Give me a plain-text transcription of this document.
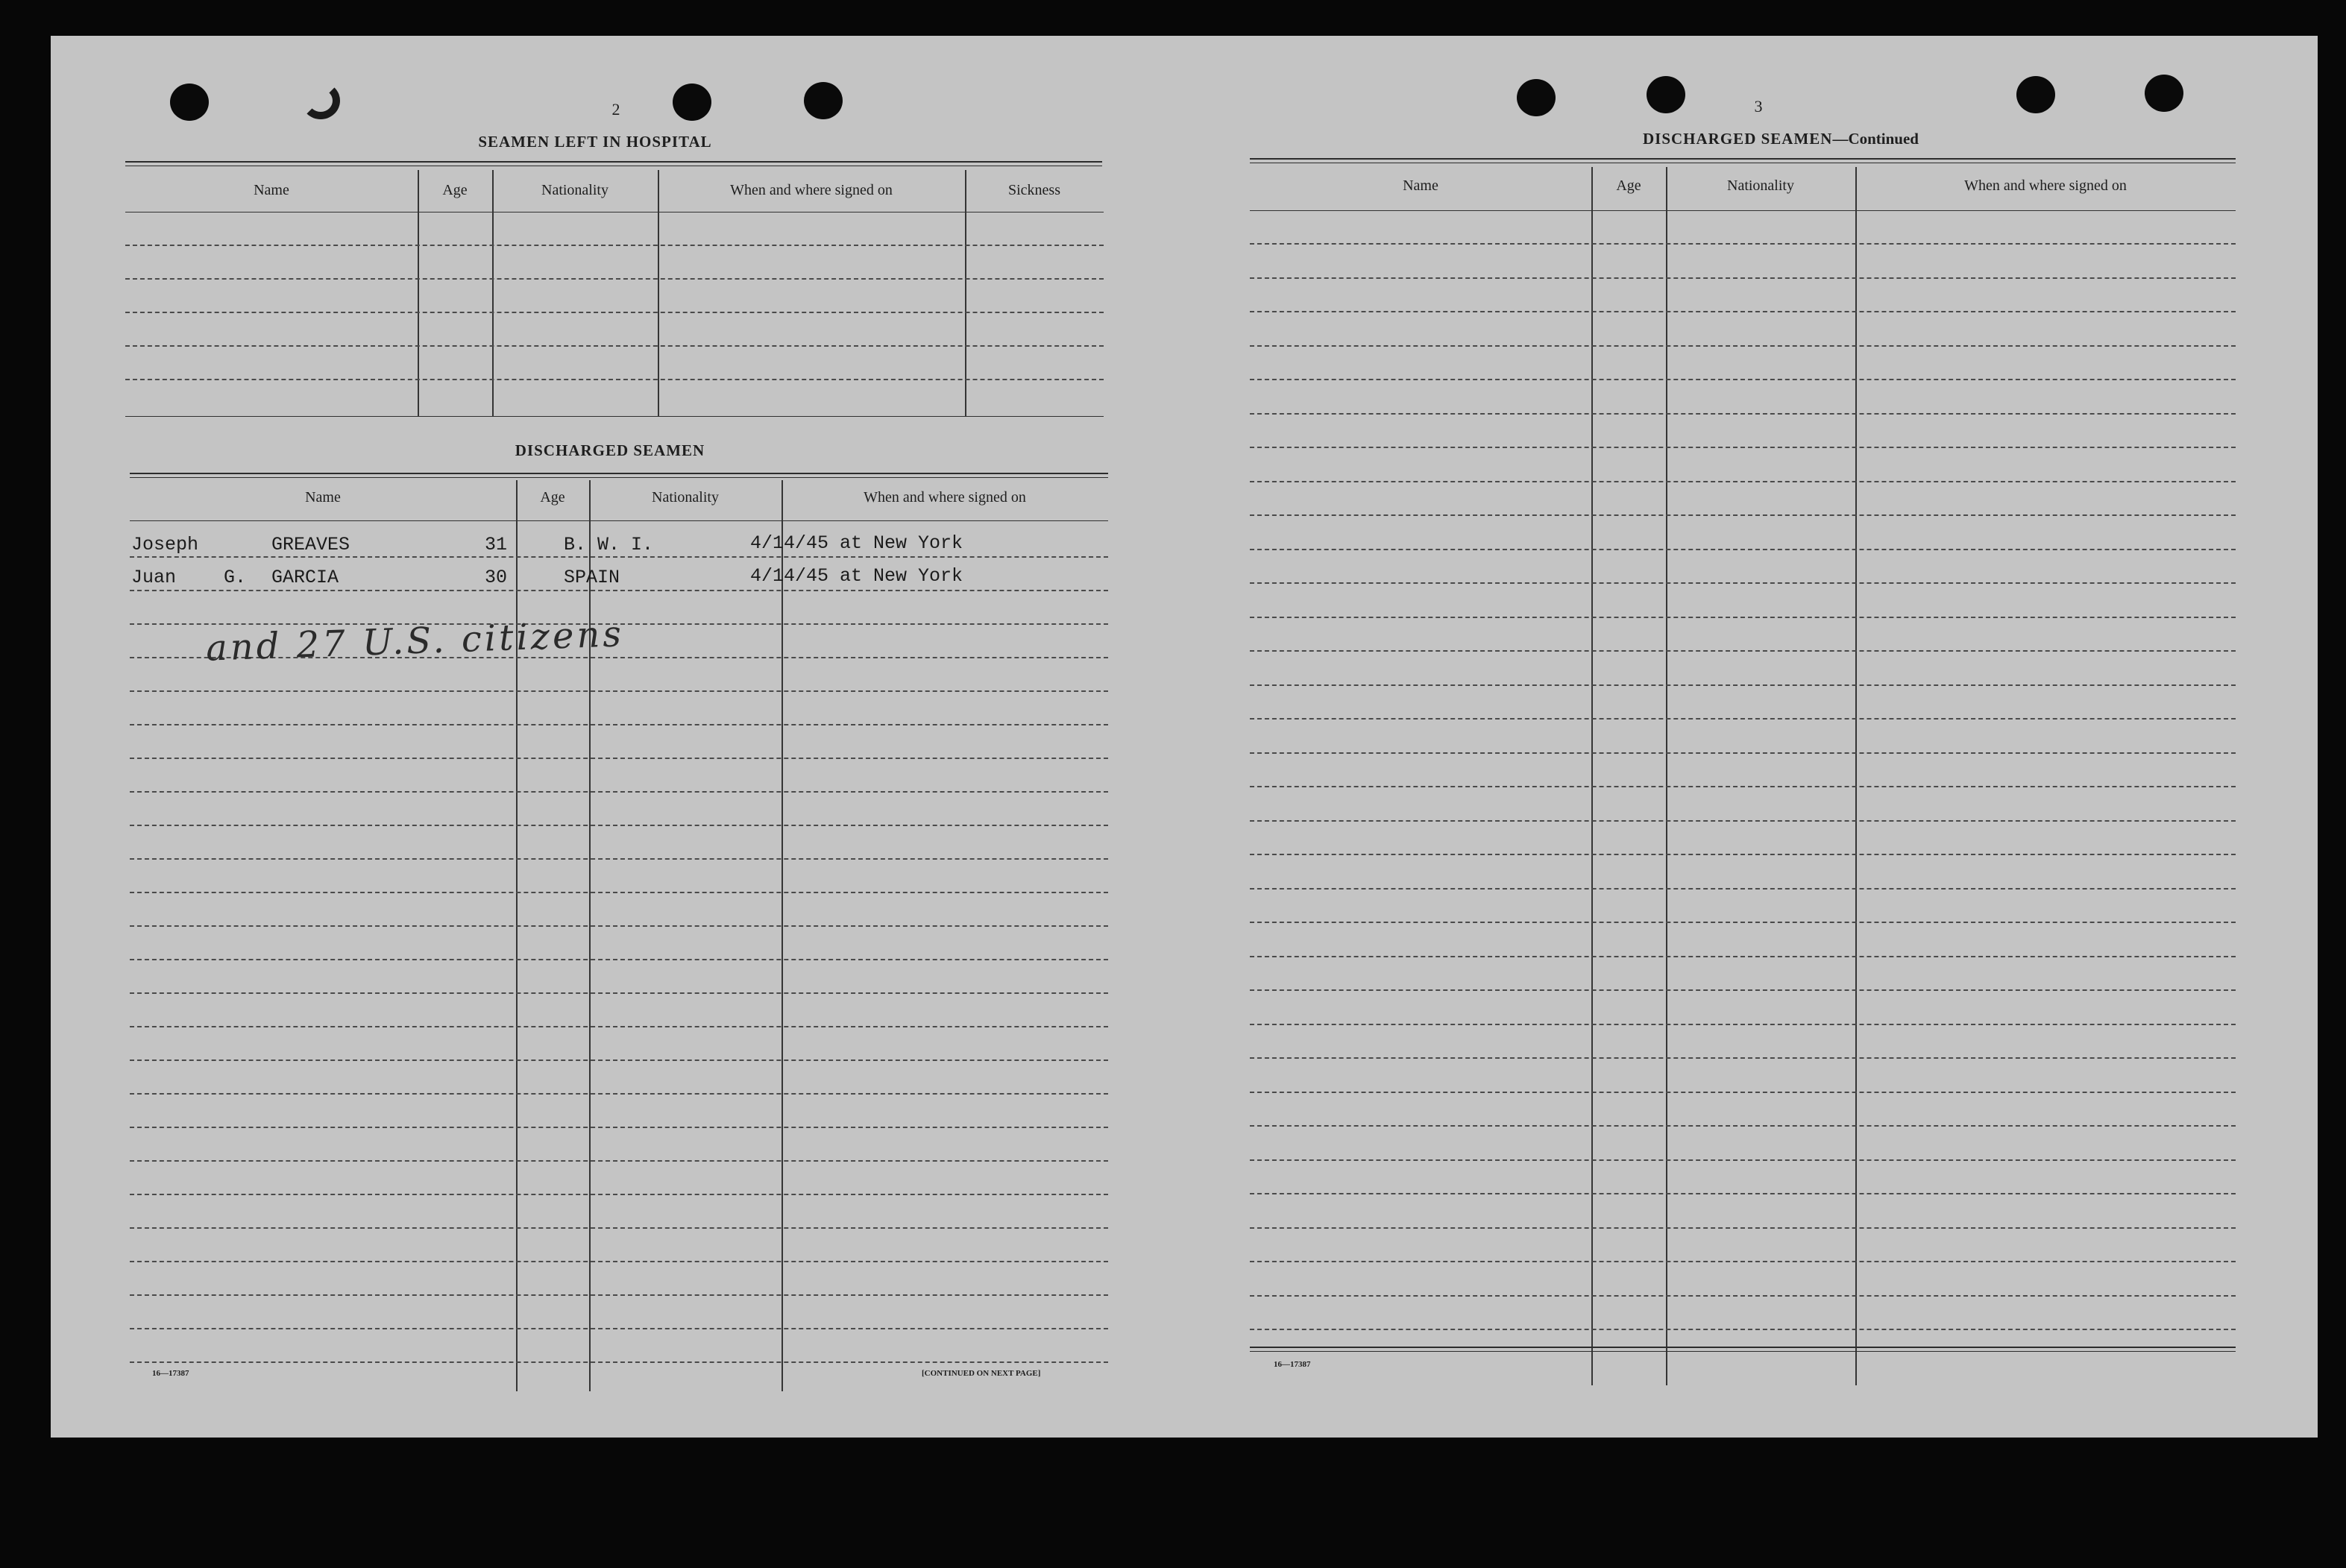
2
SEAMEN LEFT IN HOSPITAL
Name	Age	Nationality	When and where signed on	Sickness
DISCHARGED SEAMEN
Name	Age	Nationality	When and where signed on
Joseph	GREAVES	31	B. W. I.	4/14/45 at New York
Juan	G. GARCIA	30	SPAIN	4/14/45 at New York
and 27 U.S. citizens
16—17387	[CONTINUED ON NEXT PAGE]
3
DISCHARGED SEAMEN—Continued
Name	Age	Nationality	When and where signed on
16—17387
